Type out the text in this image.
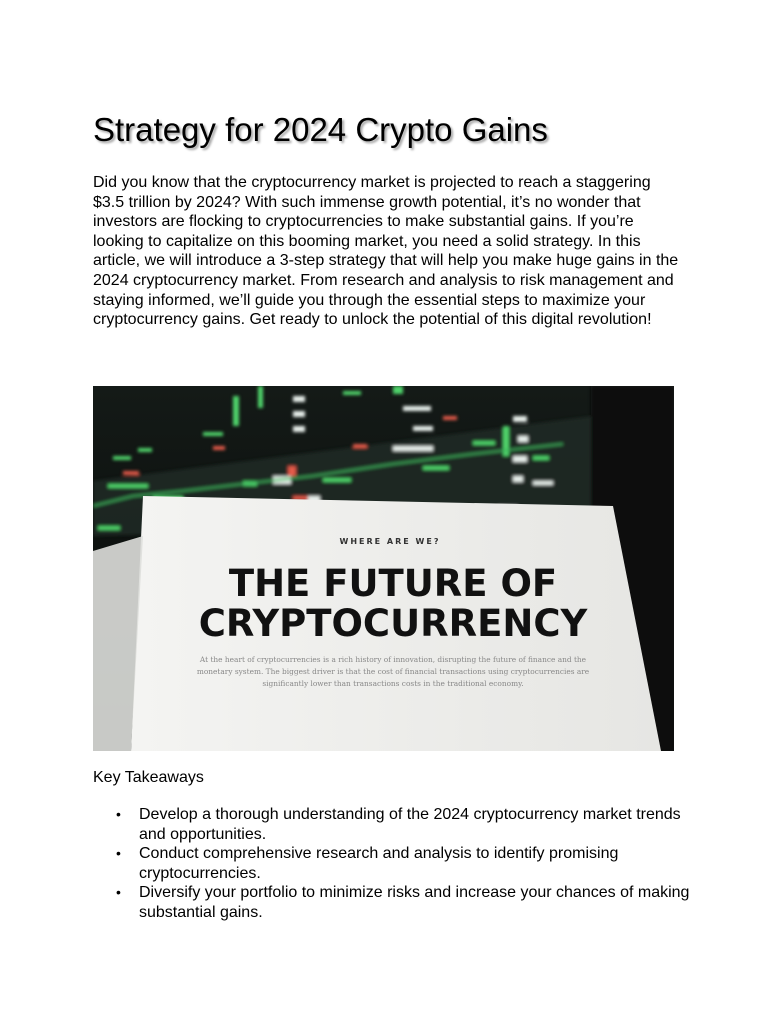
Strategy for 2024 Crypto Gains

Did you know that the cryptocurrency market is projected to reach a staggering $3.5 trillion by 2024? With such immense growth potential, it’s no wonder that investors are flocking to cryptocurrencies to make substantial gains. If you’re looking to capitalize on this booming market, you need a solid strategy. In this article, we will introduce a 3-step strategy that will help you make huge gains in the 2024 cryptocurrency market. From research and analysis to risk management and staying informed, we’ll guide you through the essential steps to maximize your cryptocurrency gains. Get ready to unlock the potential of this digital revolution!

WHERE ARE WE?
THE FUTURE OF
CRYPTOCURRENCY
At the heart of cryptocurrencies is a rich history of innovation, disrupting the future of finance and the
monetary system. The biggest driver is that the cost of financial transactions using cryptocurrencies are
significantly lower than transactions costs in the traditional economy.

Key Takeaways

• Develop a thorough understanding of the 2024 cryptocurrency market trends and opportunities.
• Conduct comprehensive research and analysis to identify promising cryptocurrencies.
• Diversify your portfolio to minimize risks and increase your chances of making substantial gains.
